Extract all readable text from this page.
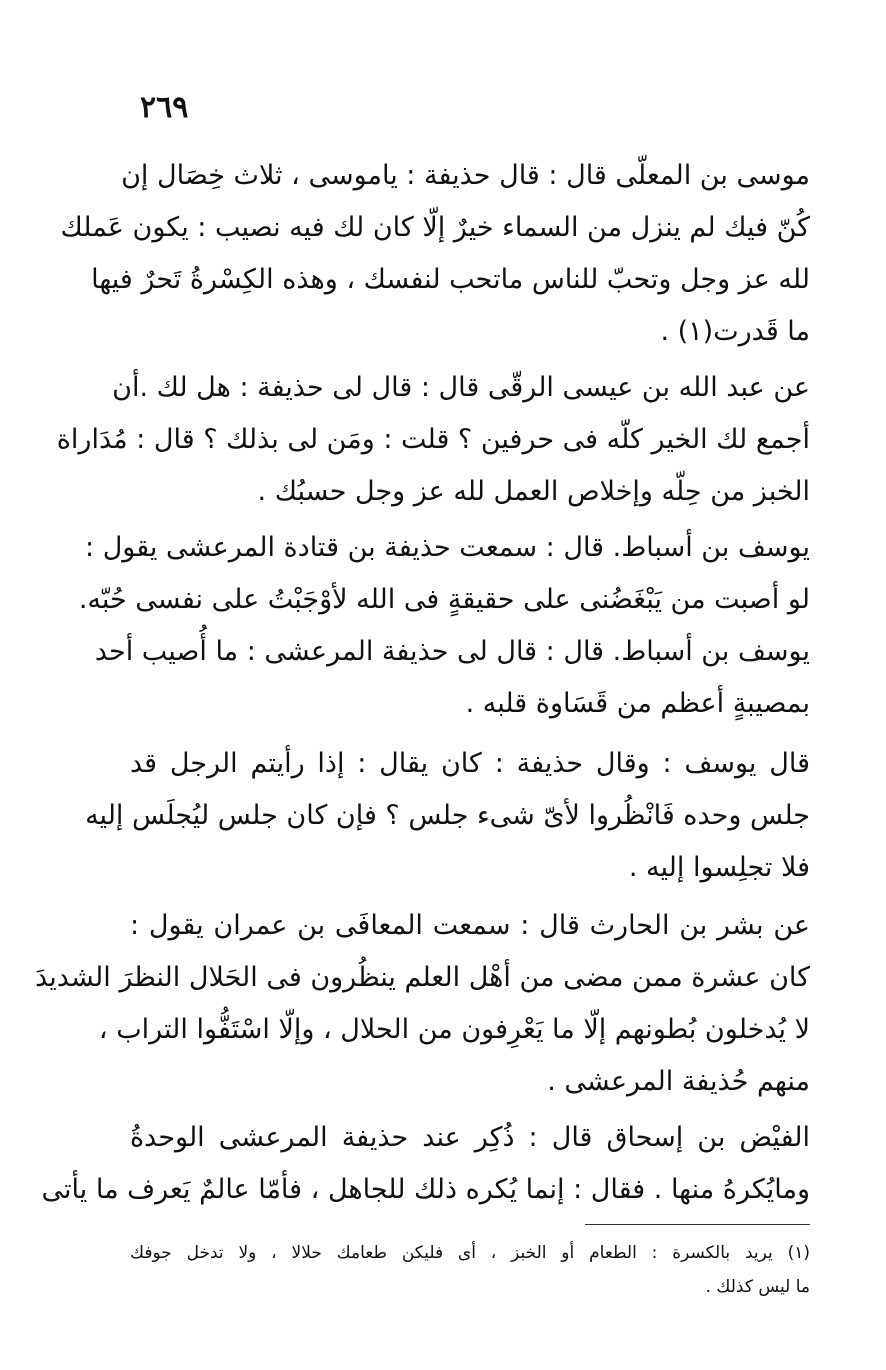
٢٦٩
موسى بن المعلّى قال : قال حذيفة : ياموسى ، ثلاث خِصَال إن
كُنّ فيك لم ينزل من السماء خيرٌ إلّا كان لك فيه نصيب : يكون عَملك
لله عز وجل وتحبّ للناس ماتحب لنفسك ، وهذه الكِسْرةُ تَحرٌ فيها
ما قَدرت(١) .
عن عبد الله بن عيسى الرقّى قال : قال لى حذيفة : هل لك .أن
أجمع لك الخير كلّه فى حرفين ؟ قلت : ومَن لى بذلك ؟ قال : مُدَاراة
الخبز من حِلّه وإخلاص العمل لله عز وجل حسبُك .
يوسف بن أسباط. قال : سمعت حذيفة بن قتادة المرعشى يقول :
لو أصبت من يَبْغَضُنى على حقيقةٍ فى الله لأوْجَبْتُ على نفسى حُبّه.
يوسف بن أسباط. قال : قال لى حذيفة المرعشى : ما أُصيب أحد
بمصيبةٍ أعظم من قَسَاوة قلبه .
قال يوسف : وقال حذيفة : كان يقال : إذا رأيتم الرجل قد
جلس وحده فَانْظُروا لأىّ شىء جلس ؟ فإن كان جلس ليُجلَس إليه
فلا تجلِسوا إليه .
عن بشر بن الحارث قال : سمعت المعافَى بن عمران يقول :
كان عشرة ممن مضى من أهْل العلم ينظُرون فى الحَلال النظرَ الشديدَ
لا يُدخلون بُطونهم إلّا ما يَعْرِفون من الحلال ، وإلّا اسْتَفُّوا التراب ،
منهم حُذيفة المرعشى .
الفيْض بن إسحاق قال : ذُكِر عند حذيفة المرعشى الوحدةُ
ومايُكرهُ منها . فقال : إنما يُكره ذلك للجاهل ، فأمّا عالمٌ يَعرف ما يأتى
(١) يريد بالكسرة : الطعام أو الخبز ، أى فليكن طعامك حلالا ، ولا تدخل جوفك
ما ليس كذلك .
